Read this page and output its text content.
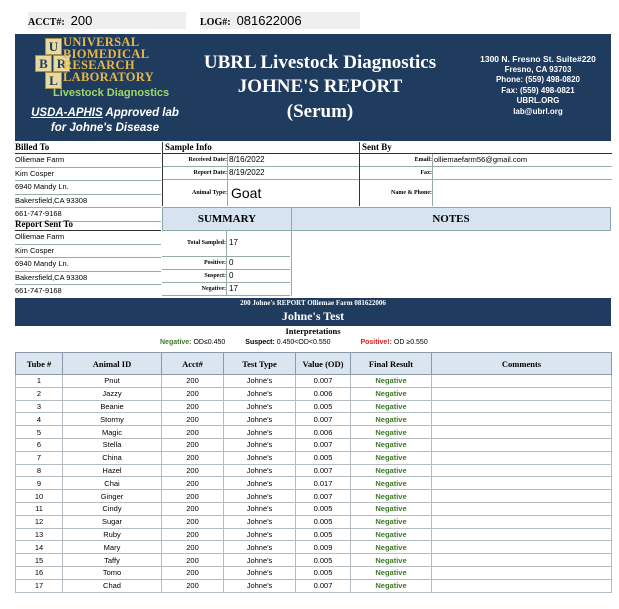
ACCT#: 200	LOG#: 081622006
U
B R
L
UNIVERSAL
BIOMEDICAL
RESEARCH
LABORATORY
Livestock Diagnostics
USDA-APHIS Approved lab
for Johne's Disease
UBRL Livestock Diagnostics
JOHNE'S REPORT
(Serum)
1300 N. Fresno St. Suite#220
Fresno, CA 93703
Phone: (559) 498-0820
Fax: (559) 498-0821
UBRL.ORG
lab@ubrl.org
Billed To
Olliemae Farm
Kim Cosper
6940 Mandy Ln.
Bakersfield,CA 93308
661-747-9168
Report Sent To
Olliemae Farm
Kim Cosper
6940 Mandy Ln.
Bakersfield,CA 93308
661-747-9168
Sample Info
Received Date: 8/16/2022
Report Date: 8/19/2022
Animal Type: Goat
Sent By
Email: olliemaefarm56@gmail.com
Fax:
Name & Phone:
SUMMARY	NOTES
Total Sampled: 17
Positive: 0
Suspect: 0
Negative: 17
200 Johne's REPORT Olliemae Farm 081622006
Johne's Test
Interpretations
Negative: OD≤0.450	Suspect: 0.450<OD<0.550	Positive!: OD ≥0.550
Tube #	Animal ID	Acct#	Test Type	Value (OD)	Final Result	Comments
1	Pnut	200	Johne's	0.007	Negative	
2	Jazzy	200	Johne's	0.006	Negative	
3	Beanie	200	Johne's	0.005	Negative	
4	Stormy	200	Johne's	0.007	Negative	
5	Magic	200	Johne's	0.006	Negative	
6	Stella	200	Johne's	0.007	Negative	
7	China	200	Johne's	0.005	Negative	
8	Hazel	200	Johne's	0.007	Negative	
9	Chai	200	Johne's	0.017	Negative	
10	Ginger	200	Johne's	0.007	Negative	
11	Cindy	200	Johne's	0.005	Negative	
12	Sugar	200	Johne's	0.005	Negative	
13	Ruby	200	Johne's	0.005	Negative	
14	Mary	200	Johne's	0.009	Negative	
15	Taffy	200	Johne's	0.005	Negative	
16	Tomo	200	Johne's	0.005	Negative	
17	Chad	200	Johne's	0.007	Negative	
